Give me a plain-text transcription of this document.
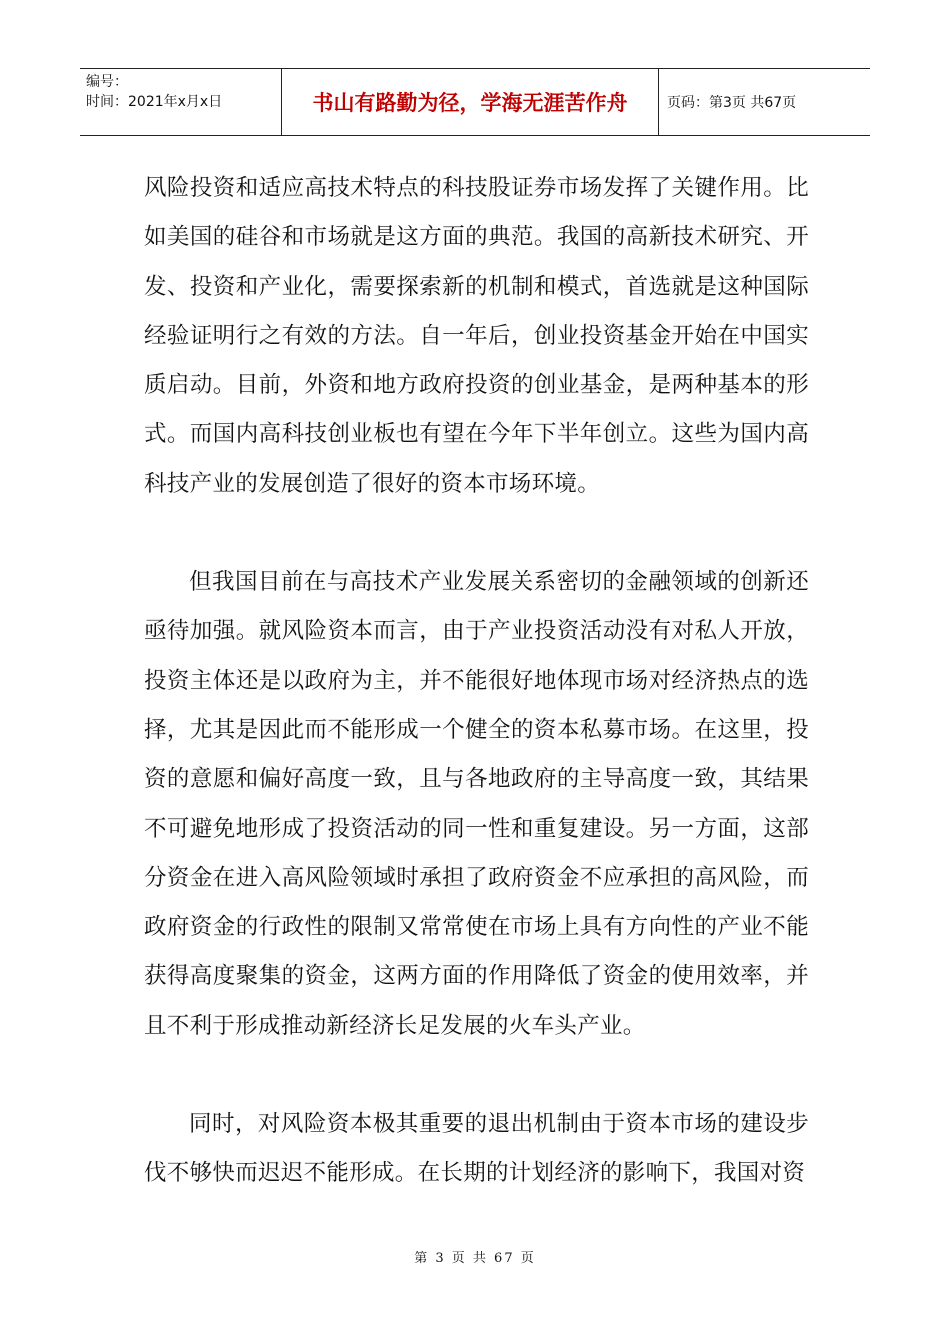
编号：
时间：2021年x月x日	书山有路勤为径，学海无涯苦作舟	页码：第3页 共67页

风险投资和适应高技术特点的科技股证券市场发挥了关键作用。比如美国的硅谷和市场就是这方面的典范。我国的高新技术研究、开发、投资和产业化，需要探索新的机制和模式，首选就是这种国际经验证明行之有效的方法。自一年后，创业投资基金开始在中国实质启动。目前，外资和地方政府投资的创业基金，是两种基本的形式。而国内高科技创业板也有望在今年下半年创立。这些为国内高科技产业的发展创造了很好的资本市场环境。

但我国目前在与高技术产业发展关系密切的金融领域的创新还亟待加强。就风险资本而言，由于产业投资活动没有对私人开放，投资主体还是以政府为主，并不能很好地体现市场对经济热点的选择，尤其是因此而不能形成一个健全的资本私募市场。在这里，投资的意愿和偏好高度一致，且与各地政府的主导高度一致，其结果不可避免地形成了投资活动的同一性和重复建设。另一方面，这部分资金在进入高风险领域时承担了政府资金不应承担的高风险，而政府资金的行政性的限制又常常使在市场上具有方向性的产业不能获得高度聚集的资金，这两方面的作用降低了资金的使用效率，并且不利于形成推动新经济长足发展的火车头产业。

同时，对风险资本极其重要的退出机制由于资本市场的建设步伐不够快而迟迟不能形成。在长期的计划经济的影响下，我国对资

第 3 页 共 67 页
